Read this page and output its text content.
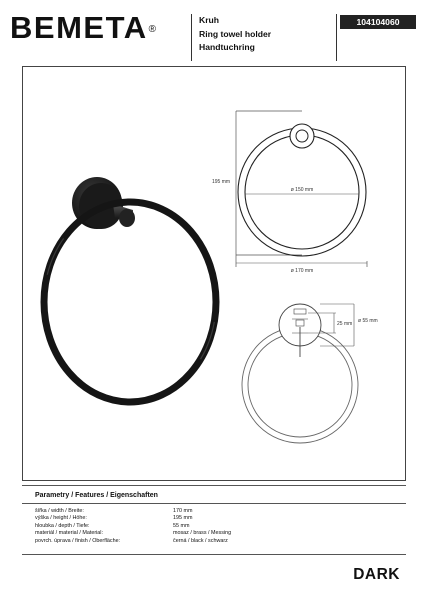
BEMETA®
Kruh
Ring towel holder
Handtuchring
104104060
ø 150 mm
ø 170 mm
195 mm
25 mm ø 55 mm
Parametry / Features / Eigenschaften
šířka / width / Breite:	170 mm
výška / height / Höhe:	195 mm
hloubka / depth / Tiefe:	55 mm
materiál / material / Material:	mosaz / brass / Messing
povrch. úprava / finish / Oberfläche:	černá / black / schwarz
DARK
